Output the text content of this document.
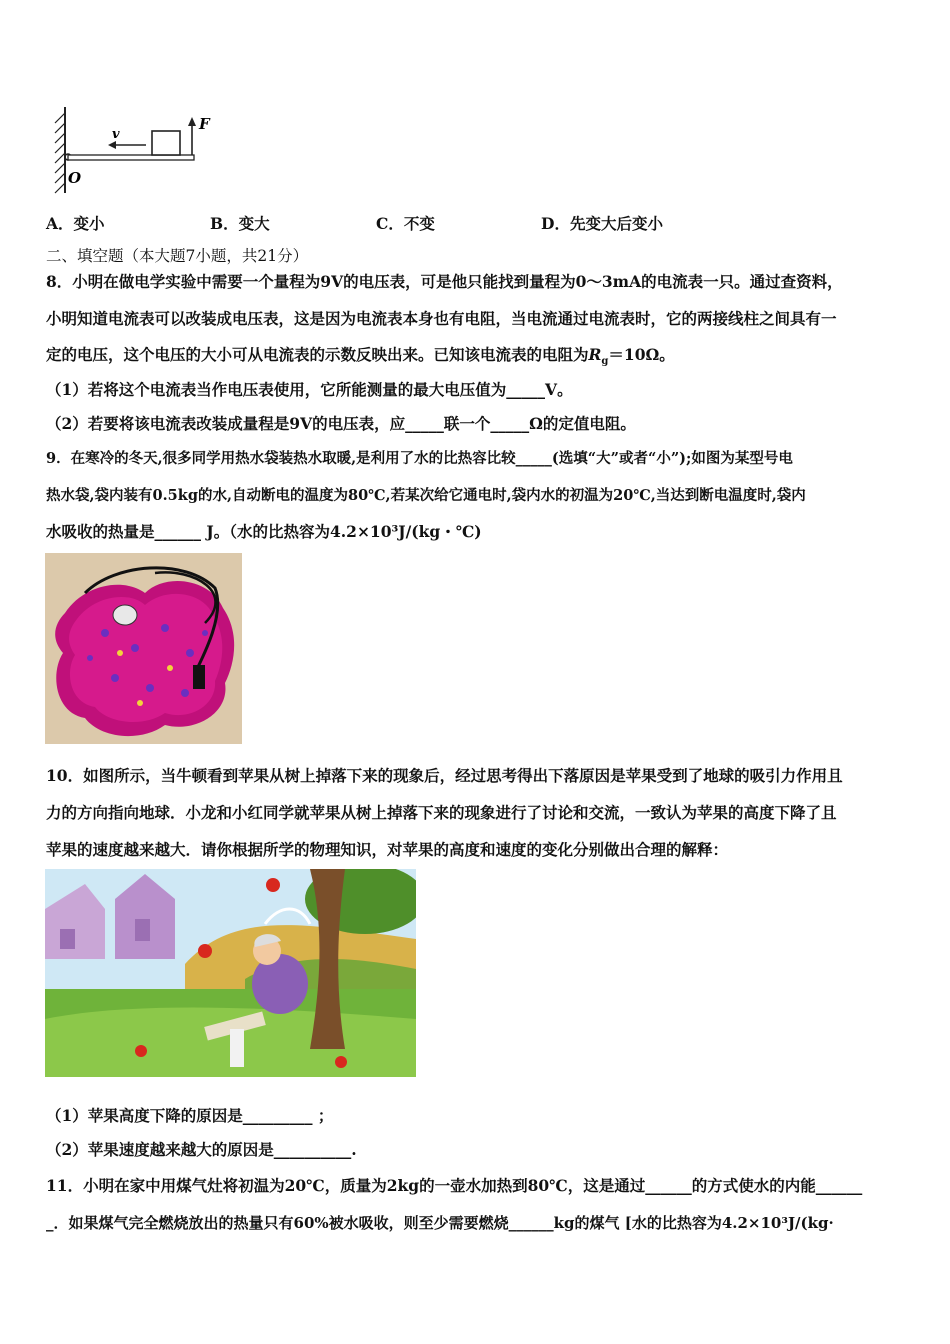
v
F
O
A．变小	B．变大	C．不变	D．先变大后变小
二、填空题（本大题7小题，共21分）
8．小明在做电学实验中需要一个量程为9V的电压表，可是他只能找到量程为0～3mA的电流表一只。通过查资料，
小明知道电流表可以改装成电压表，这是因为电流表本身也有电阻，当电流通过电流表时，它的两接线柱之间具有一
定的电压，这个电压的大小可从电流表的示数反映出来。已知该电流表的电阻为$R_g=10\Omega$。
（1）若将这个电流表当作电压表使用，它所能测量的最大电压值为_____V。
（2）若要将该电流表改装成量程是9V的电压表，应_____联一个_____Ω的定值电阻。
9．在寒冷的冬天,很多同学用热水袋装热水取暖,是利用了水的比热容比较_____(选填“大”或者“小”);如图为某型号电
热水袋,袋内装有0.5kg的水,自动断电的温度为80℃,若某次给它通电时,袋内水的初温为20℃,当达到断电温度时,袋内
水吸收的热量是______ J。（水的比热容为4.2×10³J/(kg・℃)
10．如图所示，当牛顿看到苹果从树上掉落下来的现象后，经过思考得出下落原因是苹果受到了地球的吸引力作用且
力的方向指向地球．小龙和小红同学就苹果从树上掉落下来的现象进行了讨论和交流，一致认为苹果的高度下降了且
苹果的速度越来越大．请你根据所学的物理知识，对苹果的高度和速度的变化分别做出合理的解释：
（1）苹果高度下降的原因是_________ ；
（2）苹果速度越来越大的原因是__________.
11．小明在家中用煤气灶将初温为20℃，质量为2kg的一壶水加热到80℃，这是通过______的方式使水的内能______
_．如果煤气完全燃烧放出的热量只有60%被水吸收，则至少需要燃烧______kg的煤气 [水的比热容为4.2×10³J/(kg·
